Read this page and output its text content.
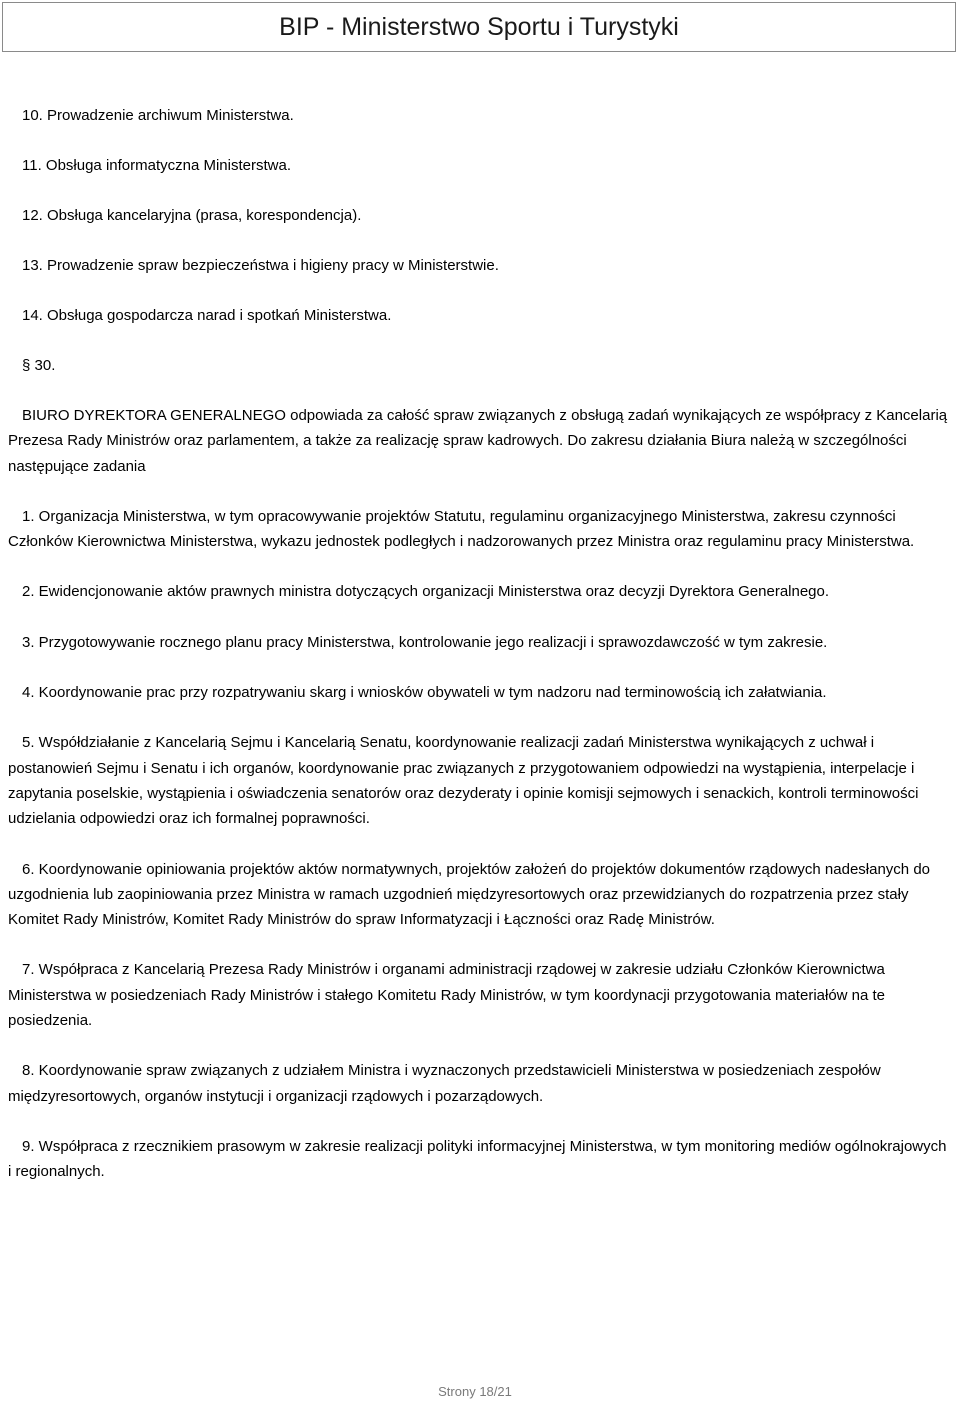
BIP - Ministerstwo Sportu i Turystyki
10. Prowadzenie archiwum Ministerstwa.
11. Obsługa informatyczna Ministerstwa.
12. Obsługa kancelaryjna (prasa, korespondencja).
13. Prowadzenie spraw bezpieczeństwa i higieny pracy w Ministerstwie.
14. Obsługa gospodarcza narad i spotkań Ministerstwa.
§ 30.

BIURO DYREKTORA GENERALNEGO odpowiada za całość spraw związanych z obsługą zadań wynikających ze współpracy z Kancelarią Prezesa Rady Ministrów oraz parlamentem, a także za realizację spraw kadrowych. Do zakresu działania Biura należą w szczególności następujące zadania

1. Organizacja Ministerstwa, w tym opracowywanie projektów Statutu, regulaminu organizacyjnego Ministerstwa, zakresu czynności Członków Kierownictwa Ministerstwa, wykazu jednostek podległych i nadzorowanych przez Ministra oraz regulaminu pracy Ministerstwa.

2. Ewidencjonowanie aktów prawnych ministra dotyczących organizacji Ministerstwa oraz decyzji Dyrektora Generalnego.

3. Przygotowywanie rocznego planu pracy Ministerstwa, kontrolowanie jego realizacji i sprawozdawczość w tym zakresie.

4. Koordynowanie prac przy rozpatrywaniu skarg i wniosków obywateli w tym nadzoru nad terminowością ich załatwiania.

5. Współdziałanie z Kancelarią Sejmu i Kancelarią Senatu, koordynowanie realizacji zadań Ministerstwa wynikających z uchwał i postanowień Sejmu i Senatu i ich organów, koordynowanie prac związanych z przygotowaniem odpowiedzi na wystąpienia, interpelacje i zapytania poselskie, wystąpienia i oświadczenia senatorów oraz dezyderaty i opinie komisji sejmowych i senackich, kontroli terminowości udzielania odpowiedzi oraz ich formalnej poprawności.

6. Koordynowanie opiniowania projektów aktów normatywnych, projektów założeń do projektów dokumentów rządowych nadesłanych do uzgodnienia lub zaopiniowania przez Ministra w ramach uzgodnień międzyresortowych oraz przewidzianych do rozpatrzenia przez stały Komitet Rady Ministrów, Komitet Rady Ministrów do spraw Informatyzacji i Łączności oraz Radę Ministrów.

7. Współpraca z Kancelarią Prezesa Rady Ministrów i organami administracji rządowej w zakresie udziału Członków Kierownictwa Ministerstwa w posiedzeniach Rady Ministrów i stałego Komitetu Rady Ministrów, w tym koordynacji przygotowania materiałów na te posiedzenia.

8. Koordynowanie spraw związanych z udziałem Ministra i wyznaczonych przedstawicieli Ministerstwa w posiedzeniach zespołów międzyresortowych, organów instytucji i organizacji rządowych i pozarządowych.

9. Współpraca z rzecznikiem prasowym w zakresie realizacji polityki informacyjnej Ministerstwa, w tym monitoring mediów ogólnokrajowych i regionalnych.

Strony 18/21
